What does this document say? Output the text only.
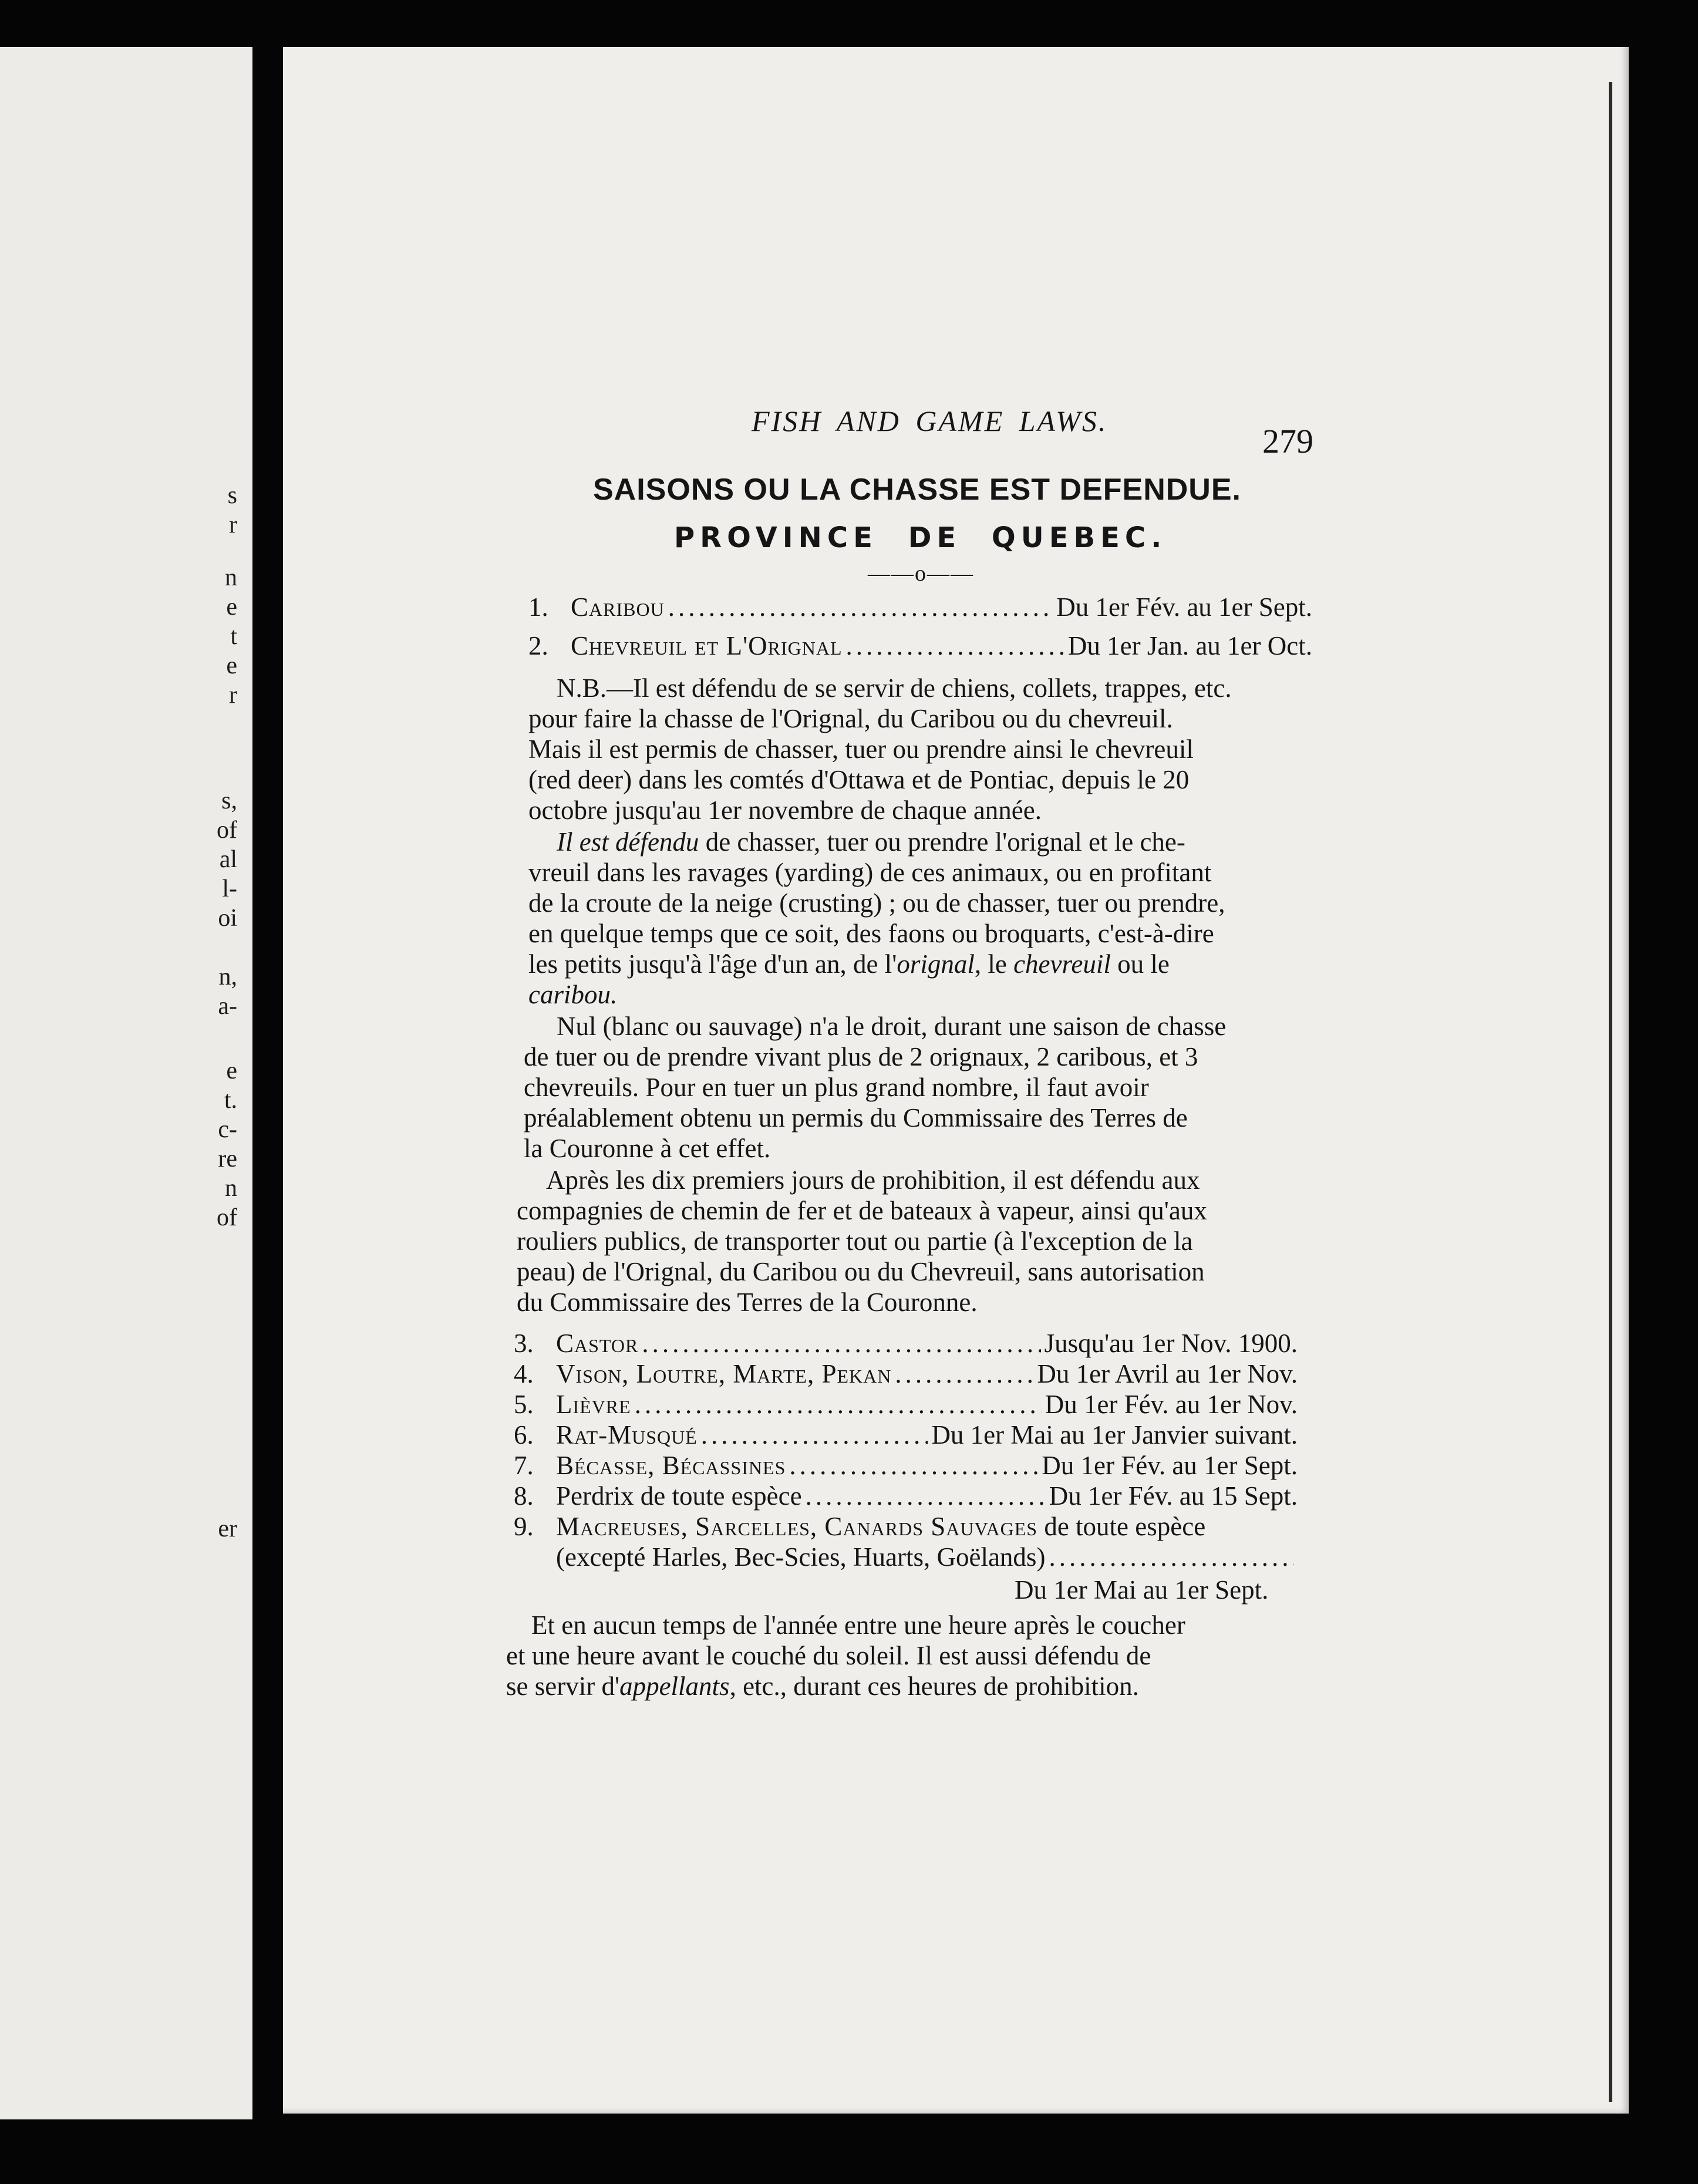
s
r
n
e
t
e
r
s,
of
al
l-
oi
n,
a-
e
t.
c-
re
n
of
er
FISH AND GAME LAWS.
279
SAISONS OU LA CHASSE EST DEFENDUE.
PROVINCE DE QUEBEC.
——o——
1. Caribou .....	Du 1er Fév. au 1er Sept.
2. Chevreuil et L'Orignal .....	Du 1er Jan. au 1er Oct.
N.B.—Il est défendu de se servir de chiens, collets, trappes, etc.
pour faire la chasse de l'Orignal, du Caribou ou du chevreuil.
Mais il est permis de chasser, tuer ou prendre ainsi le chevreuil
(red deer) dans les comtés d'Ottawa et de Pontiac, depuis le 20
octobre jusqu'au 1er novembre de chaque année.
Il est défendu de chasser, tuer ou prendre l'orignal et le che-
vreuil dans les ravages (yarding) de ces animaux, ou en profitant
de la croute de la neige (crusting) ; ou de chasser, tuer ou prendre,
en quelque temps que ce soit, des faons ou broquarts, c'est-à-dire
les petits jusqu'à l'âge d'un an, de l'orignal, le chevreuil ou le
caribou.
Nul (blanc ou sauvage) n'a le droit, durant une saison de chasse
de tuer ou de prendre vivant plus de 2 orignaux, 2 caribous, et 3
chevreuils. Pour en tuer un plus grand nombre, il faut avoir
préalablement obtenu un permis du Commissaire des Terres de
la Couronne à cet effet.
Après les dix premiers jours de prohibition, il est défendu aux
compagnies de chemin de fer et de bateaux à vapeur, ainsi qu'aux
rouliers publics, de transporter tout ou partie (à l'exception de la
peau) de l'Orignal, du Caribou ou du Chevreuil, sans autorisation
du Commissaire des Terres de la Couronne.
3. Castor .....	Jusqu'au 1er Nov. 1900.
4. Vison, Loutre, Marte, Pekan .....	Du 1er Avril au 1er Nov.
5. Lièvre .....	Du 1er Fév. au 1er Nov.
6. Rat-Musqué .....	Du 1er Mai au 1er Janvier suivant.
7. Bécasse, Bécassines .....	Du 1er Fév. au 1er Sept.
8. Perdrix de toute espèce .....	Du 1er Fév. au 15 Sept.
9. Macreuses, Sarcelles, Canards Sauvages de toute espèce
(excepté Harles, Bec-Scies, Huarts, Goëlands)
.....
Du 1er Mai au 1er Sept.
Et en aucun temps de l'année entre une heure après le coucher
et une heure avant le couché du soleil. Il est aussi défendu de
se servir d'appellants, etc., durant ces heures de prohibition.
